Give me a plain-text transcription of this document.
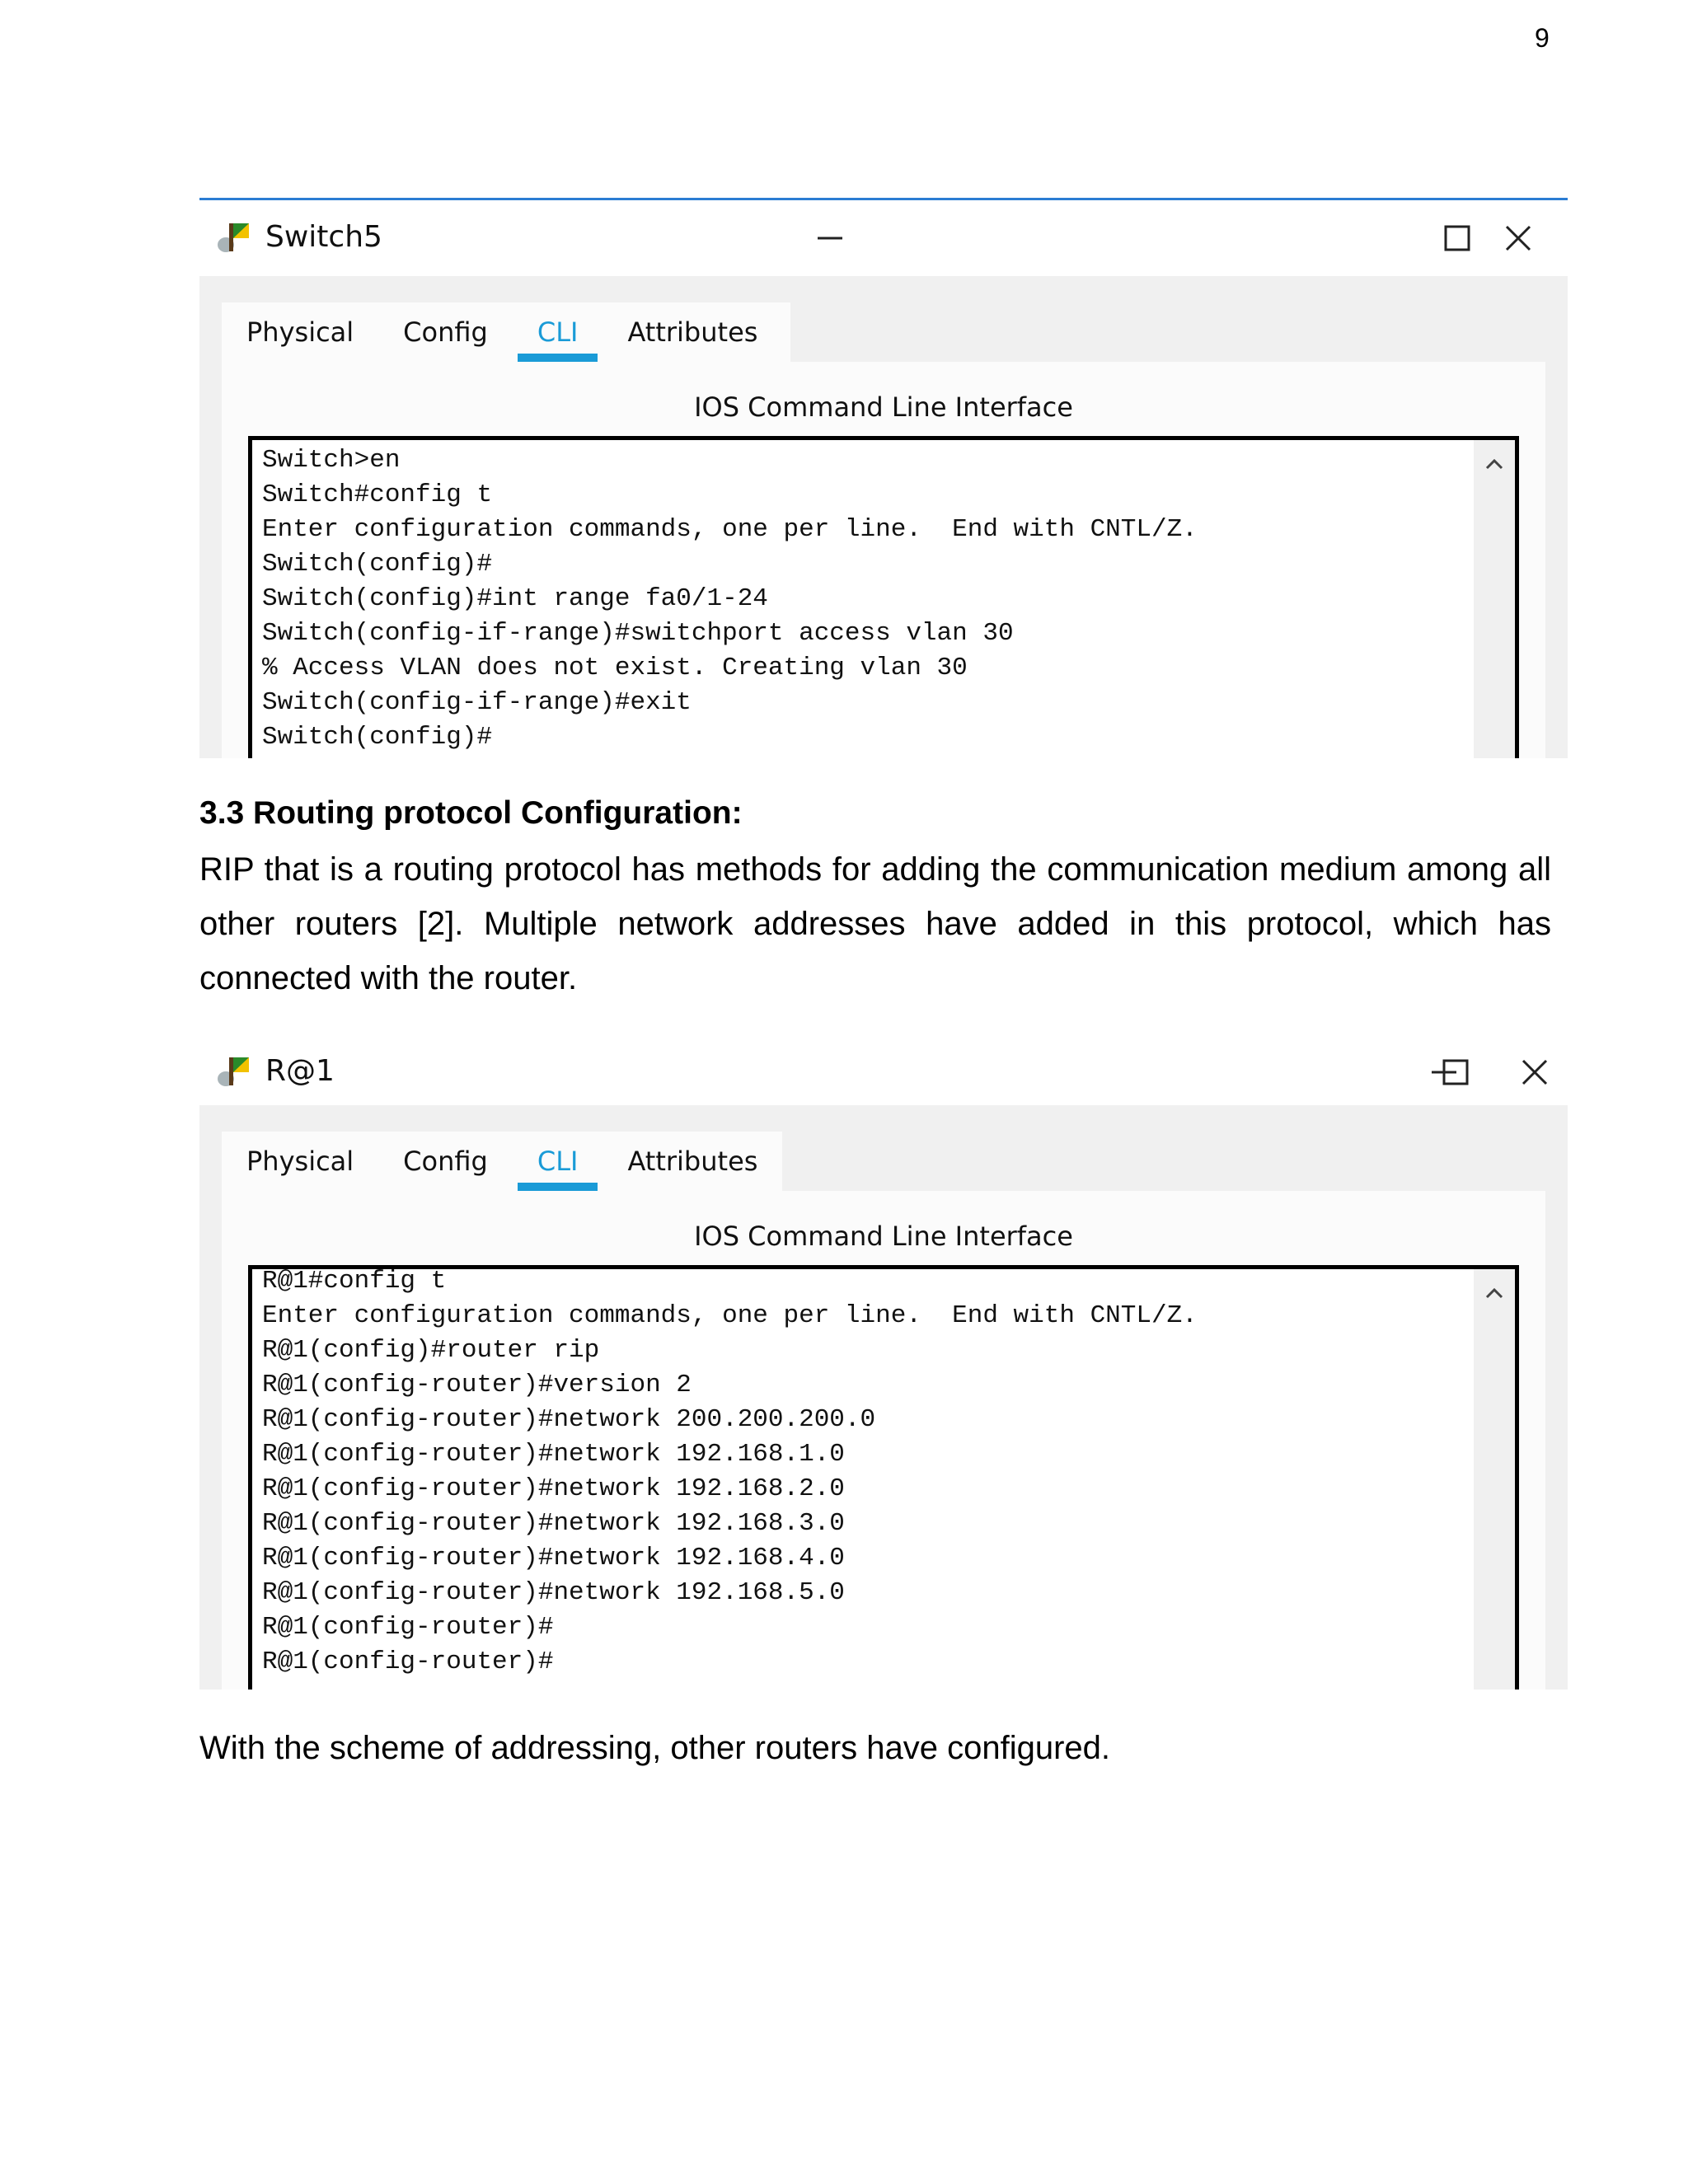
9
Switch5
Physical	Config	CLI	Attributes
IOS Command Line Interface
Switch>en
Switch#config t
Enter configuration commands, one per line.  End with CNTL/Z.
Switch(config)#
Switch(config)#int range fa0/1-24
Switch(config-if-range)#switchport access vlan 30
% Access VLAN does not exist. Creating vlan 30
Switch(config-if-range)#exit
Switch(config)#
3.3 Routing protocol Configuration:

RIP that is a routing protocol has methods for adding the communication medium among all other routers [2]. Multiple network addresses have added in this protocol, which has connected with the router.

R@1
Physical	Config	CLI	Attributes
IOS Command Line Interface
R@1#config t
Enter configuration commands, one per line.  End with CNTL/Z.
R@1(config)#router rip
R@1(config-router)#version 2
R@1(config-router)#network 200.200.200.0
R@1(config-router)#network 192.168.1.0
R@1(config-router)#network 192.168.2.0
R@1(config-router)#network 192.168.3.0
R@1(config-router)#network 192.168.4.0
R@1(config-router)#network 192.168.5.0
R@1(config-router)#
R@1(config-router)#

With the scheme of addressing, other routers have configured.
